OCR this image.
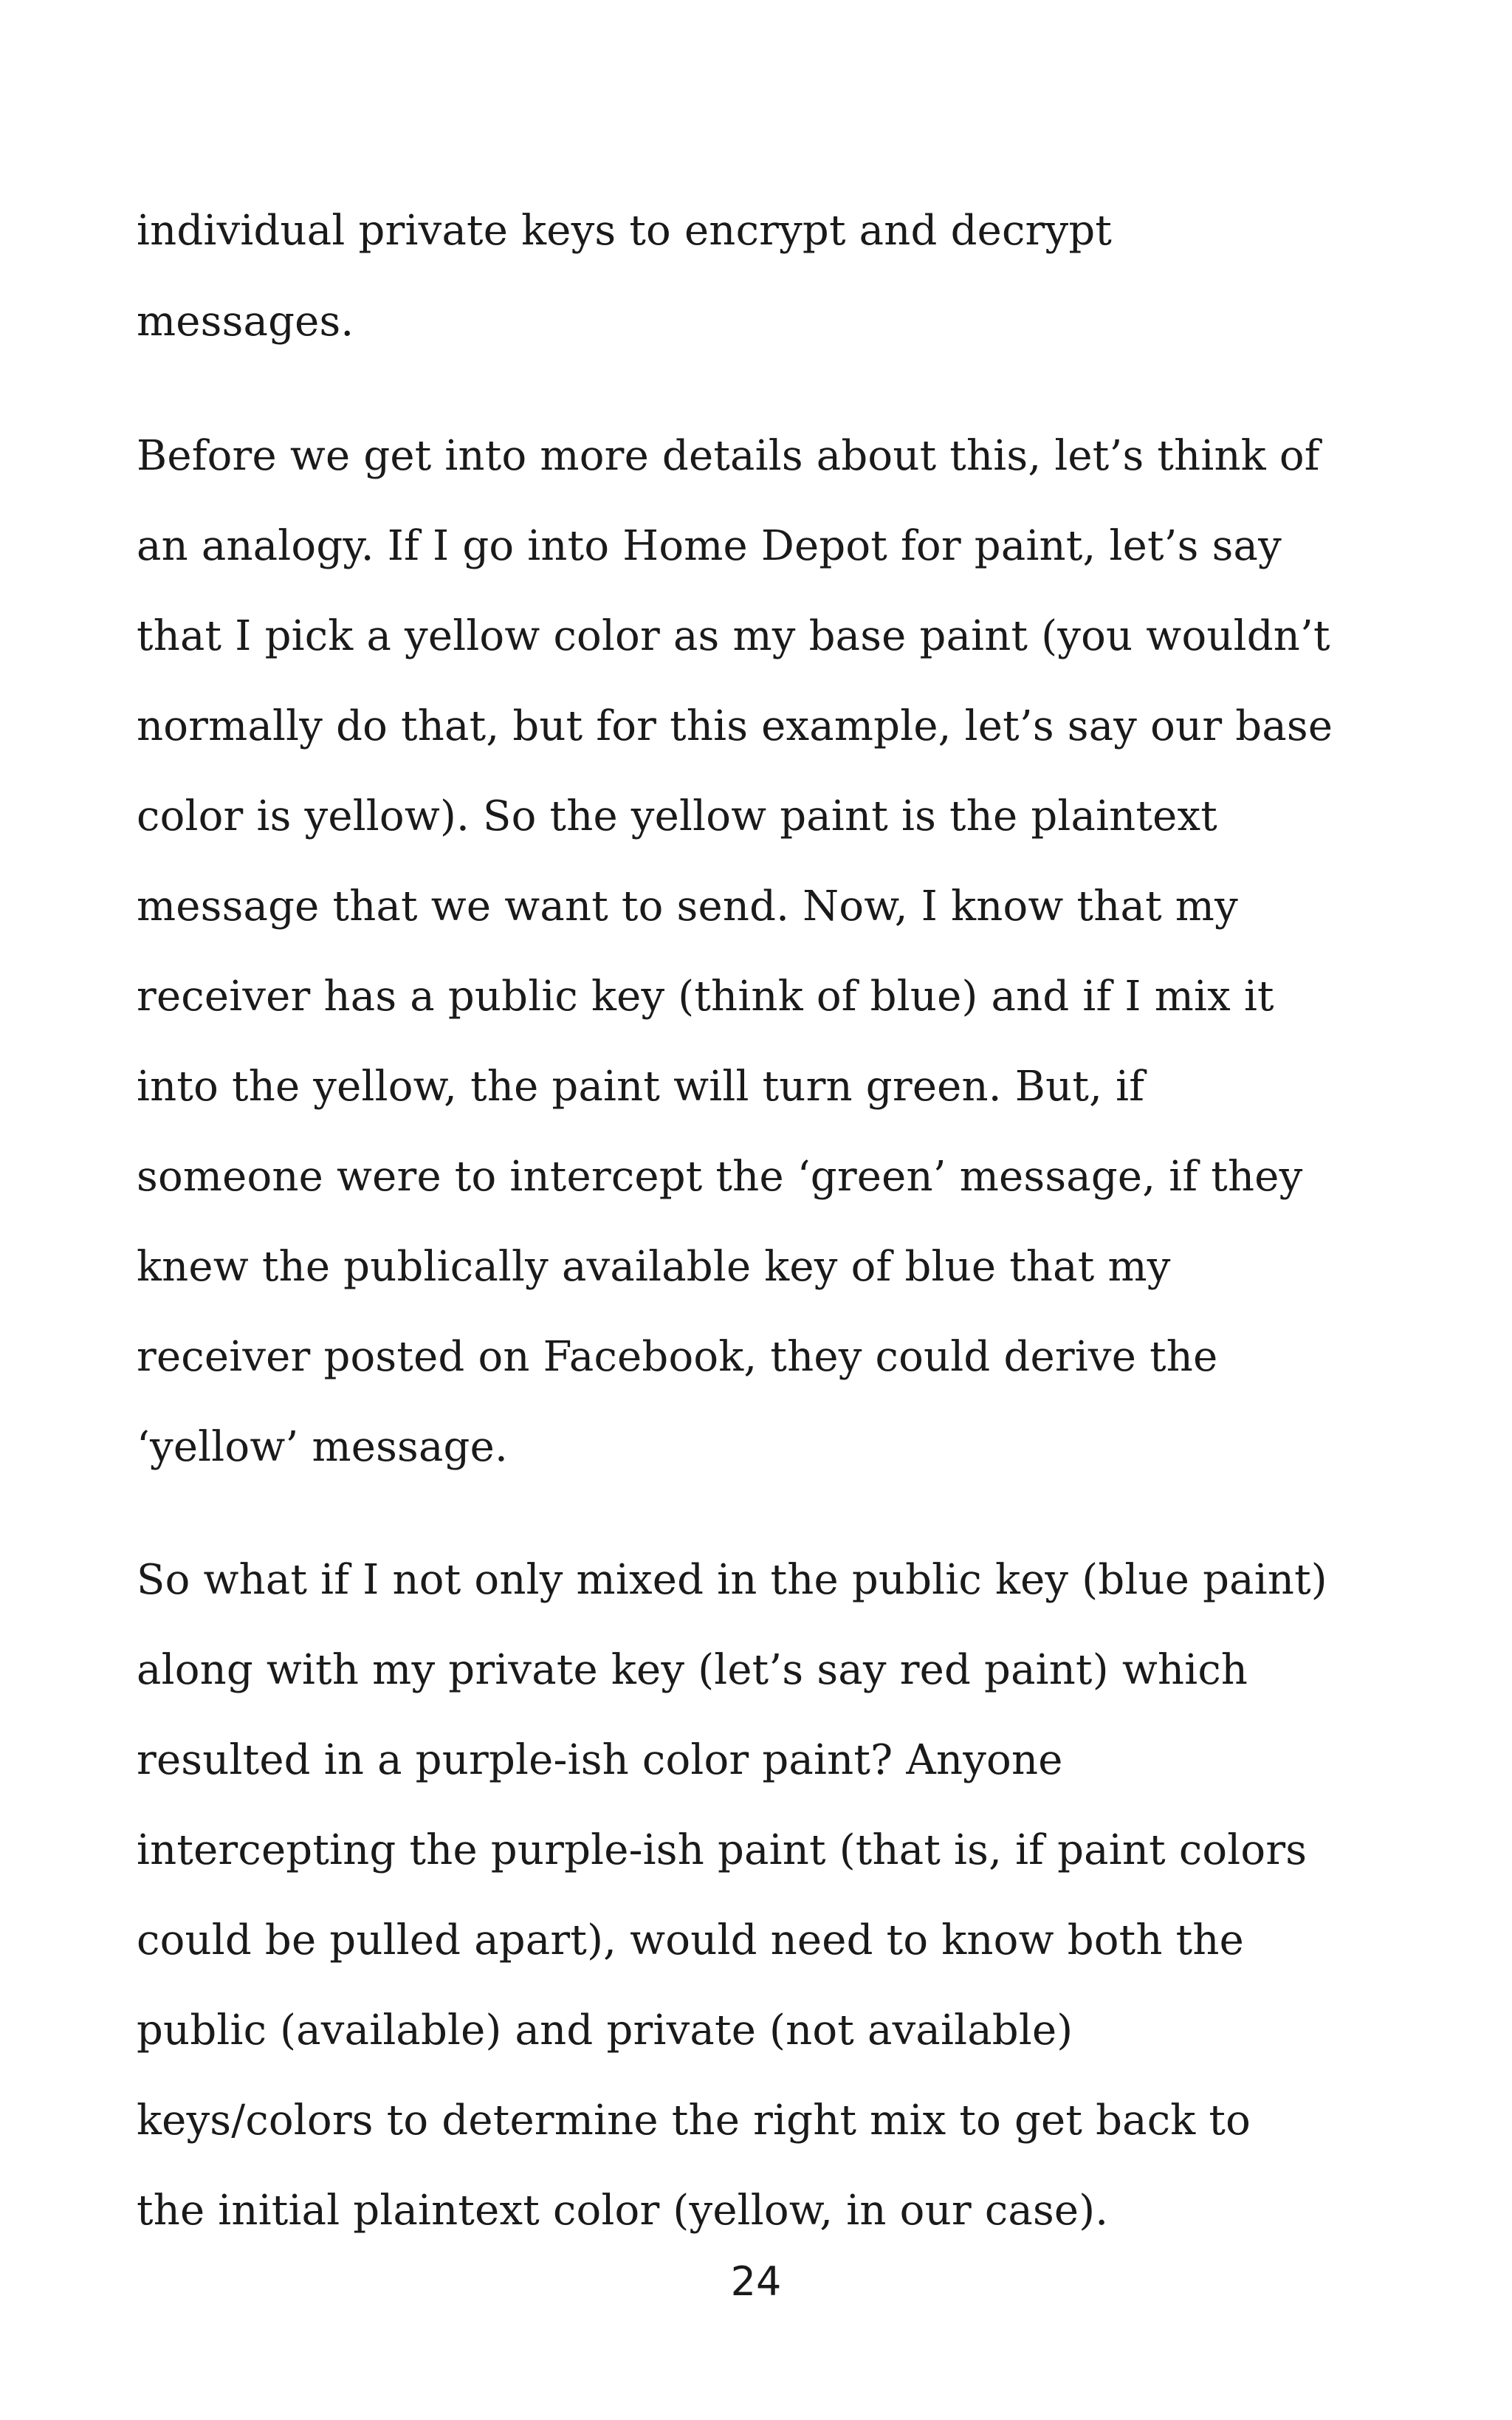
individual private keys to encrypt and decrypt
messages.
Before we get into more details about this, let’s think of
an analogy. If I go into Home Depot for paint, let’s say
that I pick a yellow color as my base paint (you wouldn’t
normally do that, but for this example, let’s say our base
color is yellow). So the yellow paint is the plaintext
message that we want to send. Now, I know that my
receiver has a public key (think of blue) and if I mix it
into the yellow, the paint will turn green. But, if
someone were to intercept the ‘green’ message, if they
knew the publically available key of blue that my
receiver posted on Facebook, they could derive the
‘yellow’ message.
So what if I not only mixed in the public key (blue paint)
along with my private key (let’s say red paint) which
resulted in a purple-ish color paint? Anyone
intercepting the purple-ish paint (that is, if paint colors
could be pulled apart), would need to know both the
public (available) and private (not available)
keys/colors to determine the right mix to get back to
the initial plaintext color (yellow, in our case).
24
